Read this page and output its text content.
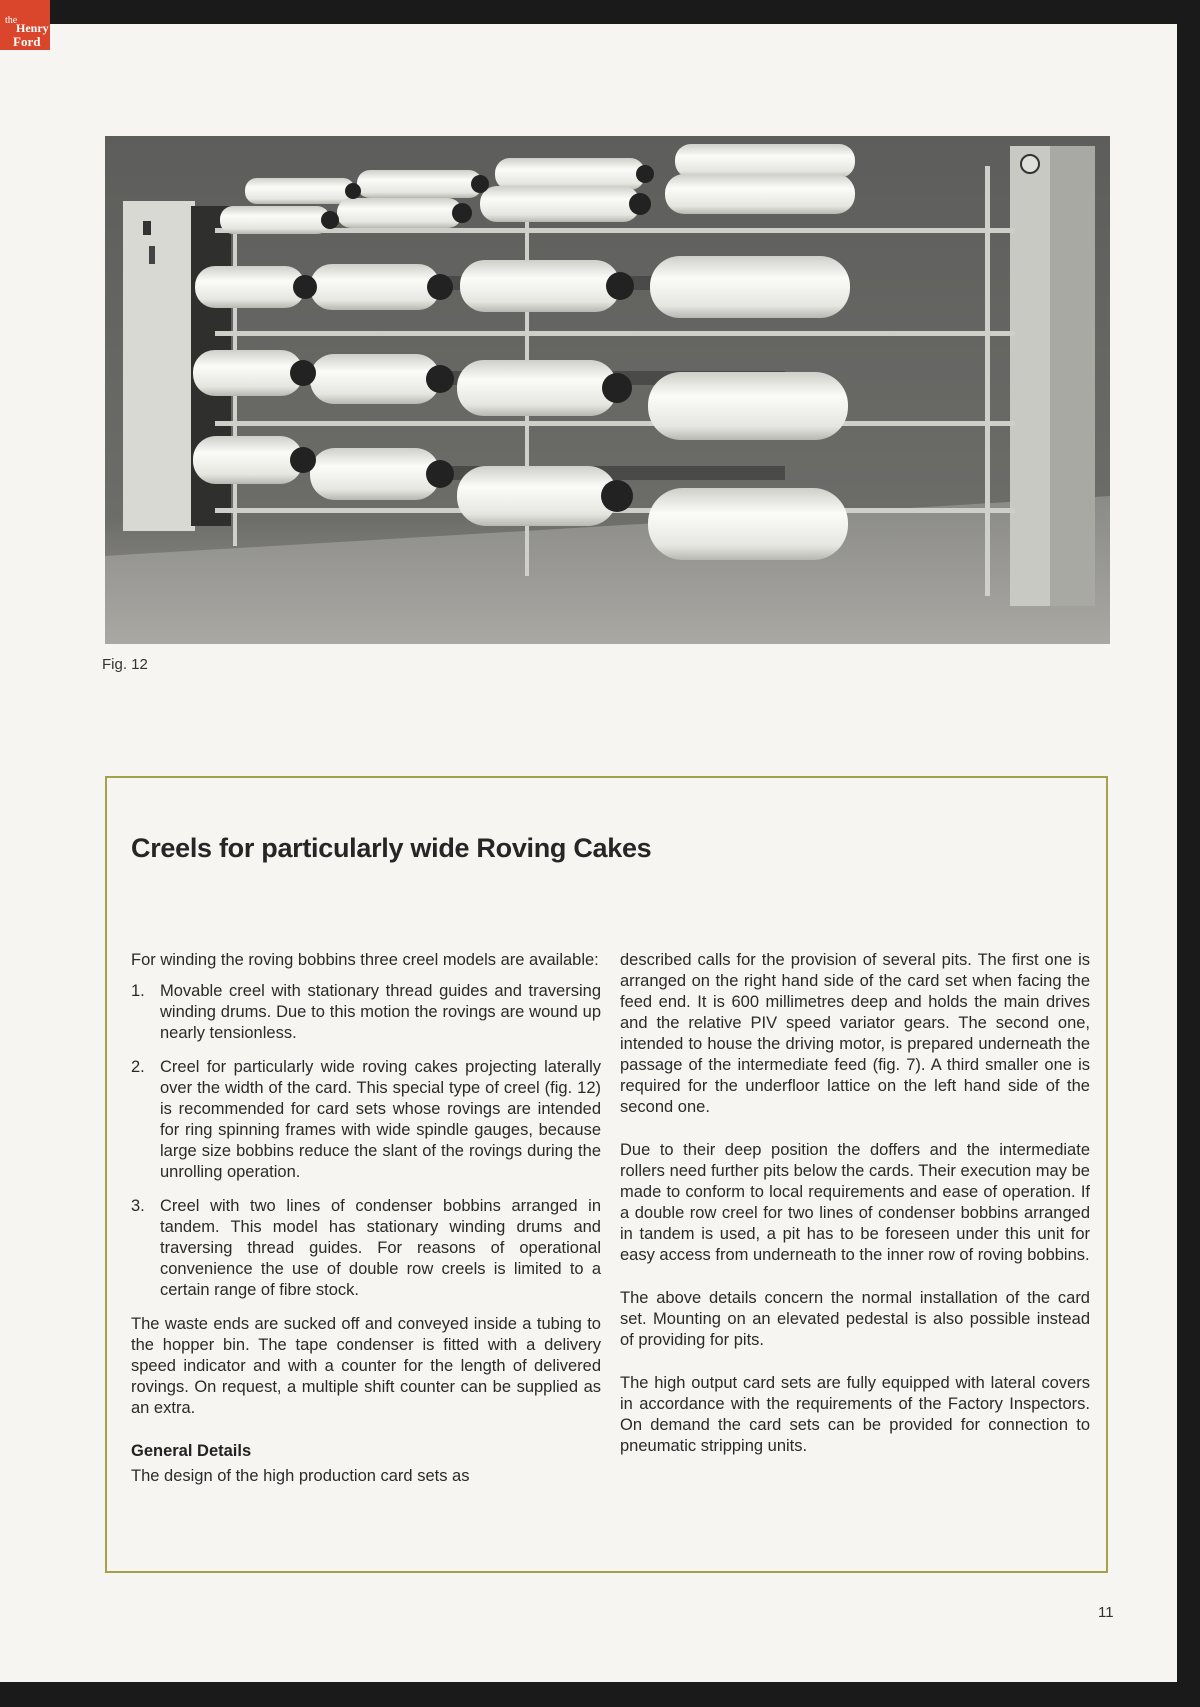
Fig. 12
Creels for particularly wide Roving Cakes

For winding the roving bobbins three creel models are available:

1. Movable creel with stationary thread guides and traversing winding drums. Due to this motion the rovings are wound up nearly tensionless.
2. Creel for particularly wide roving cakes projecting laterally over the width of the card. This special type of creel (fig. 12) is recommended for card sets whose rovings are intended for ring spinning frames with wide spindle gauges, because large size bobbins reduce the slant of the rovings during the unrolling operation.
3. Creel with two lines of condenser bobbins arranged in tandem. This model has stationary winding drums and traversing thread guides. For reasons of operational convenience the use of double row creels is limited to a certain range of fibre stock.

The waste ends are sucked off and conveyed inside a tubing to the hopper bin. The tape condenser is fitted with a delivery speed indicator and with a counter for the length of delivered rovings. On request, a multiple shift counter can be supplied as an extra.

General Details

The design of the high production card sets as

described calls for the provision of several pits. The first one is arranged on the right hand side of the card set when facing the feed end. It is 600 millimetres deep and holds the main drives and the relative PIV speed variator gears. The second one, intended to house the driving motor, is prepared underneath the passage of the intermediate feed (fig. 7). A third smaller one is required for the underfloor lattice on the left hand side of the second one.

Due to their deep position the doffers and the intermediate rollers need further pits below the cards. Their execution may be made to conform to local requirements and ease of operation. If a double row creel for two lines of condenser bobbins arranged in tandem is used, a pit has to be foreseen under this unit for easy access from underneath to the inner row of roving bobbins.

The above details concern the normal installation of the card set. Mounting on an elevated pedestal is also possible instead of providing for pits.

The high output card sets are fully equipped with lateral covers in accordance with the requirements of the Factory Inspectors. On demand the card sets can be provided for connection to pneumatic stripping units.

11
the
Henry
Ford
